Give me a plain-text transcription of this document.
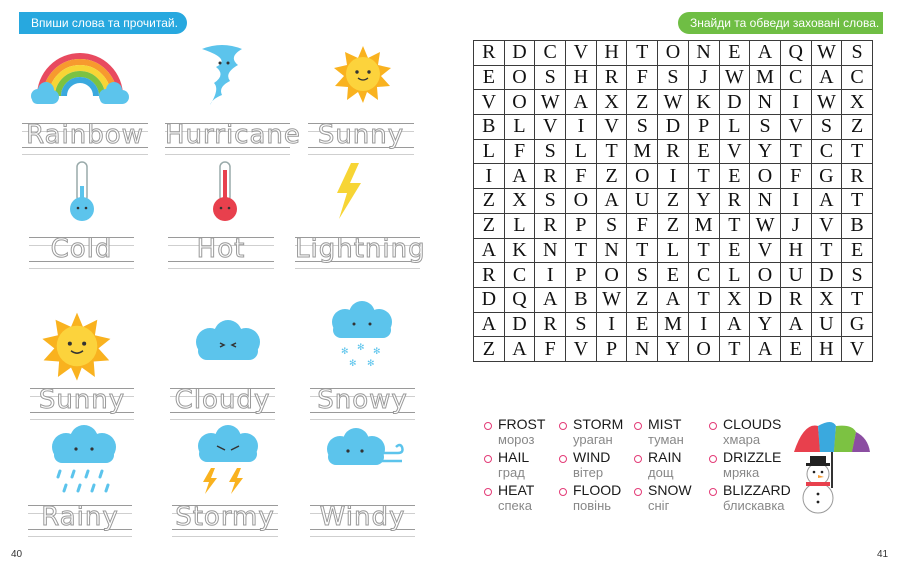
Впиши слова та прочитай.	Знайди та обведи заховані слова.
Rainbow Hurricane Sunny
Cold	Hot	Lightning
✻ ✻ ✻
✻ ✻
Sunny	Cloudy Snowy
Rainy	Stormy	Windy
R	D	C	V	H	T	O	N	E	A	Q	W	S
E	O	S	H	R	F	S	J	W	M	C	A	C
V	O	W	A	X	Z	W	K	D	N	I	W	X
B	L	V	I	V	S	D	P	L	S	V	S	Z
L	F	S	L	T	M	R	E	V	Y	T	C	T
I	A	R	F	Z	O	I	T	E	O	F	G	R
Z	X	S	O	A	U	Z	Y	R	N	I	A	T
Z	L	R	P	S	F	Z	M	T	W	J	V	B
A	K	N	T	N	T	L	T	E	V	H	T	E
R	C	I	P	O	S	E	C	L	O	U	D	S
D	Q	A	B	W	Z	A	T	X	D	R	X	T
A	D	R	S	I	E	M	I	A	Y	A	U	G
Z	A	F	V	P	N	Y	O	T	A	E	H	V
FROST
мороз
STORM
ураган
MIST
туман
CLOUDS
хмара
HAIL
град
WIND
вітер
RAIN
дощ
DRIZZLE
мряка
HEAT
спека
FLOOD
повінь
SNOW
сніг
BLIZZARD
блискавка
40	41
